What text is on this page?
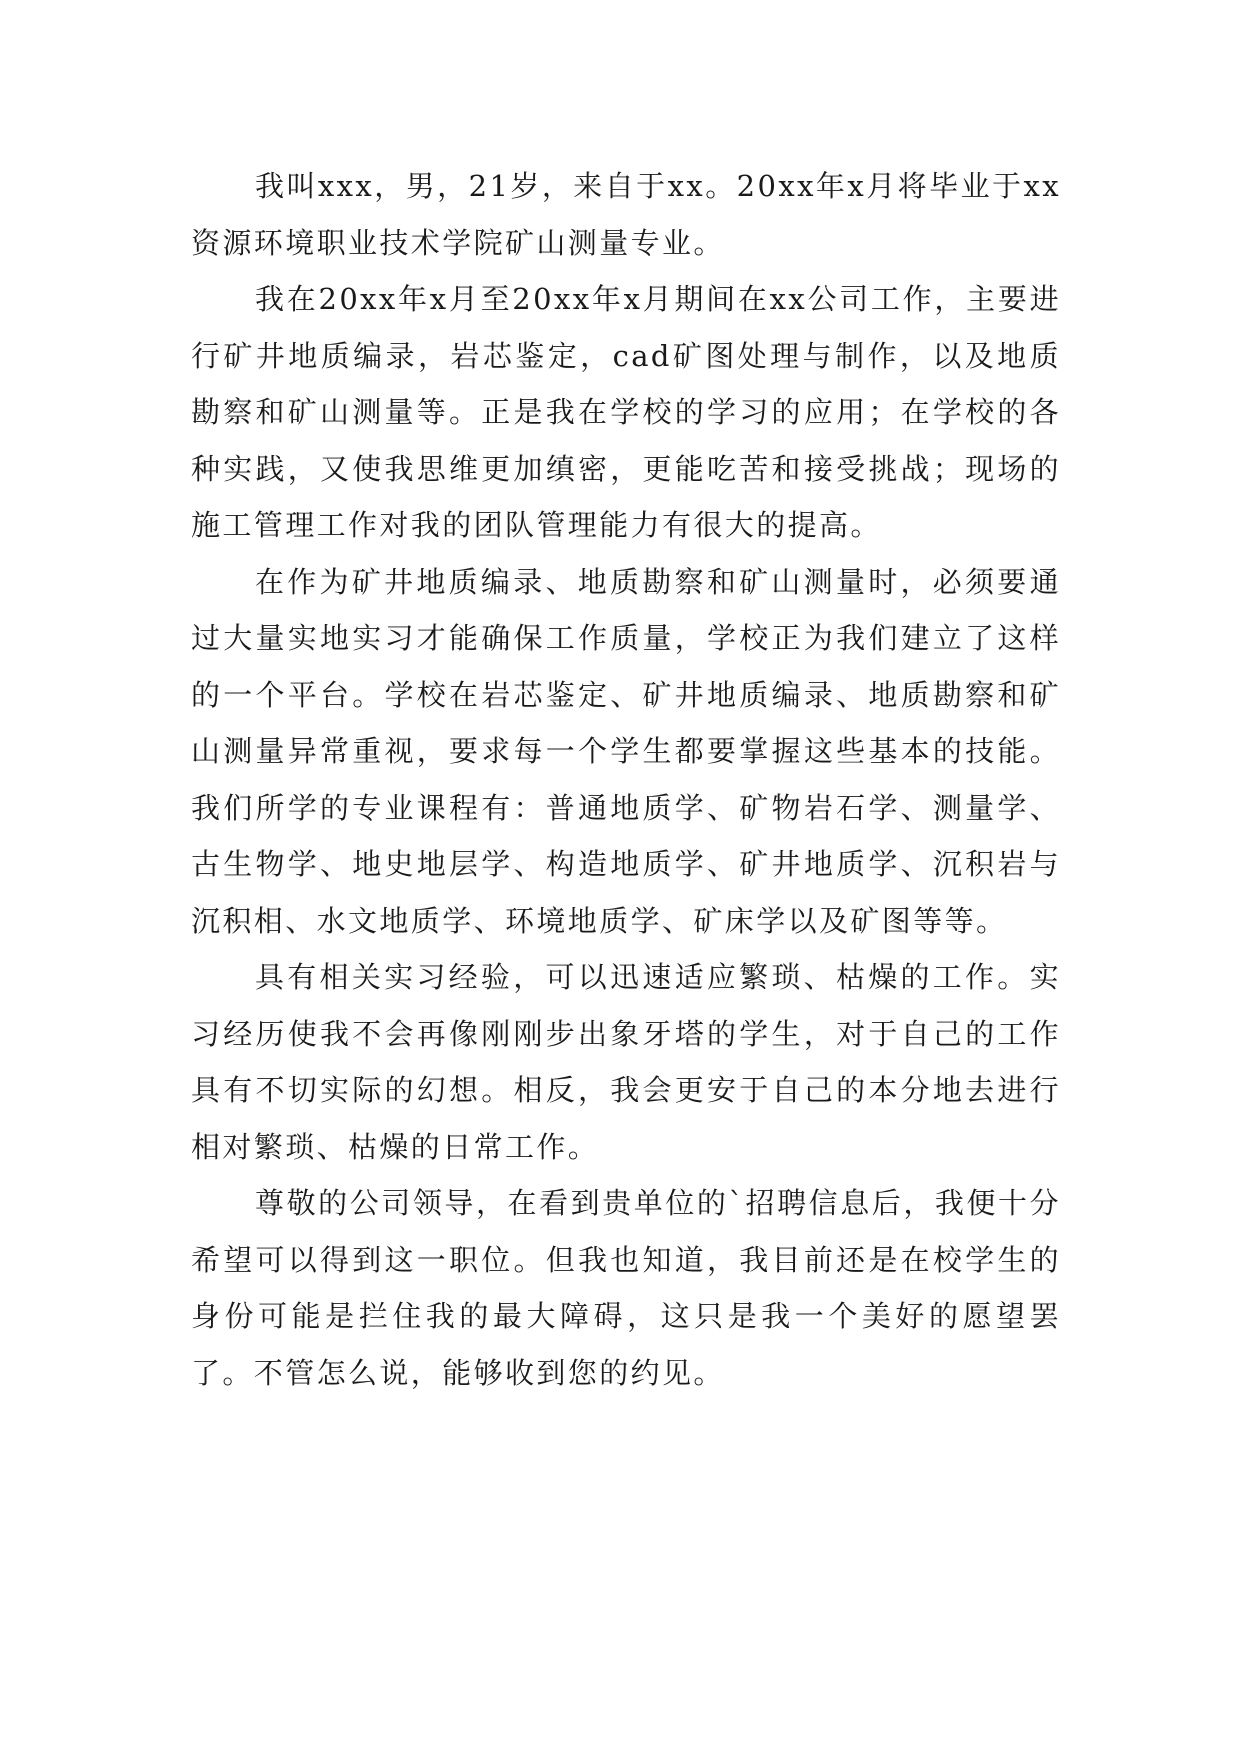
我叫xxx，男，21岁，来自于xx。20xx年x月将毕业于xx资源环境职业技术学院矿山测量专业。

我在20xx年x月至20xx年x月期间在xx公司工作，主要进行矿井地质编录，岩芯鉴定，cad矿图处理与制作，以及地质勘察和矿山测量等。正是我在学校的学习的应用；在学校的各种实践，又使我思维更加缜密，更能吃苦和接受挑战；现场的施工管理工作对我的团队管理能力有很大的提高。

在作为矿井地质编录、地质勘察和矿山测量时，必须要通过大量实地实习才能确保工作质量，学校正为我们建立了这样的一个平台。学校在岩芯鉴定、矿井地质编录、地质勘察和矿山测量异常重视，要求每一个学生都要掌握这些基本的技能。我们所学的专业课程有：普通地质学、矿物岩石学、测量学、古生物学、地史地层学、构造地质学、矿井地质学、沉积岩与沉积相、水文地质学、环境地质学、矿床学以及矿图等等。

具有相关实习经验，可以迅速适应繁琐、枯燥的工作。实习经历使我不会再像刚刚步出象牙塔的学生，对于自己的工作具有不切实际的幻想。相反，我会更安于自己的本分地去进行相对繁琐、枯燥的日常工作。

尊敬的公司领导，在看到贵单位的`招聘信息后，我便十分希望可以得到这一职位。但我也知道，我目前还是在校学生的身份可能是拦住我的最大障碍，这只是我一个美好的愿望罢了。不管怎么说，能够收到您的约见。
